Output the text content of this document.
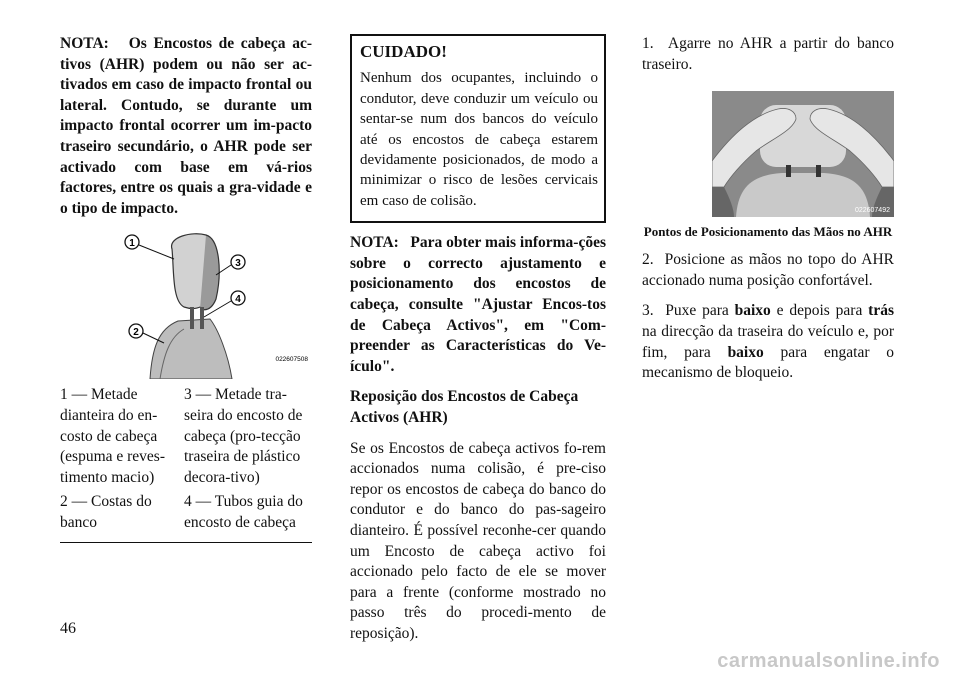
NOTA:   Os Encostos de cabeça ac-tivos (AHR) podem ou não ser ac-tivados em caso de impacto frontal ou lateral. Contudo, se durante um impacto frontal ocorrer um im-pacto traseiro secundário, o AHR pode ser activado com base em vá-rios factores, entre os quais a gra-vidade e o tipo de impacto.

1
3
4
2
022607508
1 — Metade dianteira do en-costo de cabeça (espuma e reves-timento macio)
3 — Metade tra-seira do encosto de cabeça (pro-tecção traseira de plástico decora-tivo)
2 — Costas do banco
4 — Tubos guia do encosto de cabeça
CUIDADO!

Nenhum dos ocupantes, incluindo o condutor, deve conduzir um veículo ou sentar-se num dos bancos do veículo até os encostos de cabeça estarem devidamente posicionados, de modo a minimizar o risco de lesões cervicais em caso de colisão.

NOTA:   Para obter mais informa-ções sobre o correcto ajustamento e posicionamento dos encostos de cabeça, consulte "Ajustar Encos-tos de Cabeça Activos", em "Com-preender as Características do Ve-ículo".

Reposição dos Encostos de Cabeça Activos (AHR)

Se os Encostos de cabeça activos fo-rem accionados numa colisão, é pre-ciso repor os encostos de cabeça do banco do condutor e do banco do pas-sageiro dianteiro. É possível reconhe-cer quando um Encosto de cabeça activo foi accionado pelo facto de ele se mover para a frente (conforme mostrado no passo três do procedi-mento de reposição).

1.  Agarre no AHR a partir do banco traseiro.

022607492

Pontos de Posicionamento das Mãos no AHR

2.  Posicione as mãos no topo do AHR accionado numa posição confortável.

3.  Puxe para baixo e depois para trás na direcção da traseira do veículo e, por fim, para baixo para engatar o mecanismo de bloqueio.

46
carmanualsonline.info
